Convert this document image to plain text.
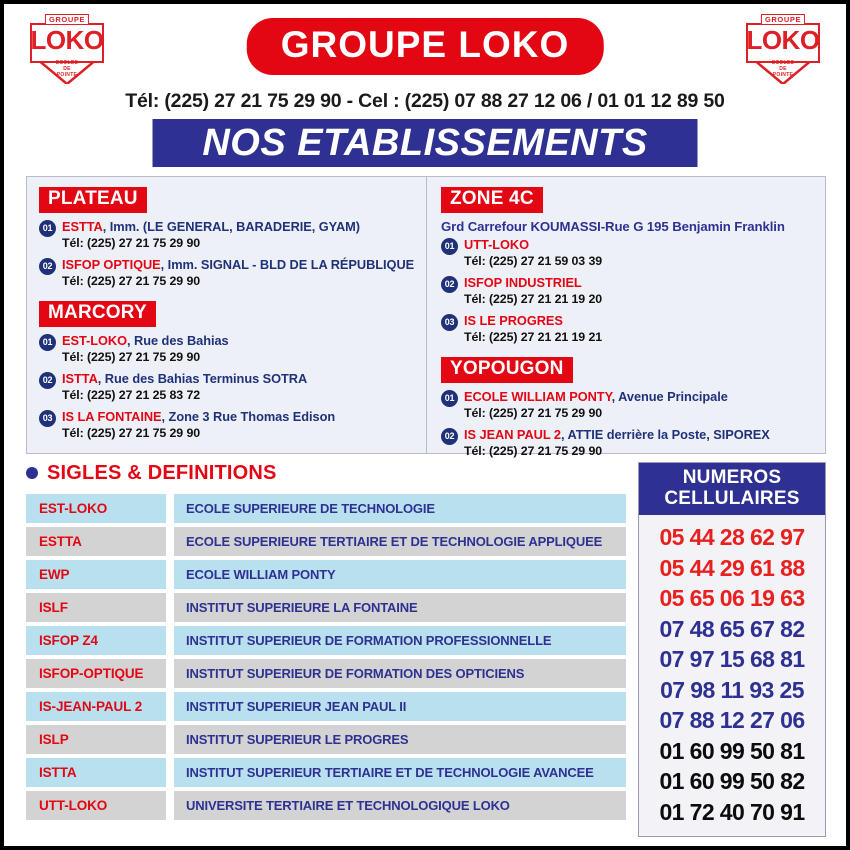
GROUPE
LOKO
ECOLES
DE
POINTE
GROUPE
LOKO
ECOLES
DE
POINTE
GROUPE LOKO
Tél: (225) 27 21 75 29 90 - Cel : (225) 07 88 27 12 06 / 01 01 12 89 50
NOS ETABLISSEMENTS
PLATEAU
01 ESTTA, Imm. (LE GENERAL, BARADERIE, GYAM)
Tél: (225) 27 21 75 29 90
02 ISFOP OPTIQUE, Imm. SIGNAL - BLD DE LA RÉPUBLIQUE
Tél: (225) 27 21 75 29 90
MARCORY
01 EST-LOKO, Rue des Bahias
Tél: (225) 27 21 75 29 90
02 ISTTA, Rue des Bahias Terminus SOTRA
Tél: (225) 27 21 25 83 72
03 IS LA FONTAINE, Zone 3 Rue Thomas Edison
Tél: (225) 27 21 75 29 90
ZONE 4C
Grd Carrefour KOUMASSI-Rue G 195 Benjamin Franklin
01 UTT-LOKO
Tél: (225) 27 21 59 03 39
02 ISFOP INDUSTRIEL
Tél: (225) 27 21 21 19 20
03 IS LE PROGRES
Tél: (225) 27 21 21 19 21
YOPOUGON
01 ECOLE WILLIAM PONTY, Avenue Principale
Tél: (225) 27 21 75 29 90
02 IS JEAN PAUL 2, ATTIE derrière la Poste, SIPOREX
Tél: (225) 27 21 75 29 90
SIGLES & DEFINITIONS
EST-LOKO	ECOLE SUPERIEURE DE TECHNOLOGIE
ESTTA	ECOLE SUPERIEURE TERTIAIRE ET DE TECHNOLOGIE APPLIQUEE
EWP	ECOLE WILLIAM PONTY
ISLF	INSTITUT SUPERIEURE LA FONTAINE
ISFOP Z4	INSTITUT SUPERIEUR DE FORMATION PROFESSIONNELLE
ISFOP-OPTIQUE	INSTITUT SUPERIEUR DE FORMATION DES OPTICIENS
IS-JEAN-PAUL 2	INSTITUT SUPERIEUR JEAN PAUL II
ISLP	INSTITUT SUPERIEUR LE PROGRES
ISTTA	INSTITUT SUPERIEUR TERTIAIRE ET DE TECHNOLOGIE AVANCEE
UTT-LOKO	UNIVERSITE TERTIAIRE ET TECHNOLOGIQUE LOKO
NUMEROS
CELLULAIRES
05 44 28 62 97
05 44 29 61 88
05 65 06 19 63
07 48 65 67 82
07 97 15 68 81
07 98 11 93 25
07 88 12 27 06
01 60 99 50 81
01 60 99 50 82
01 72 40 70 91
